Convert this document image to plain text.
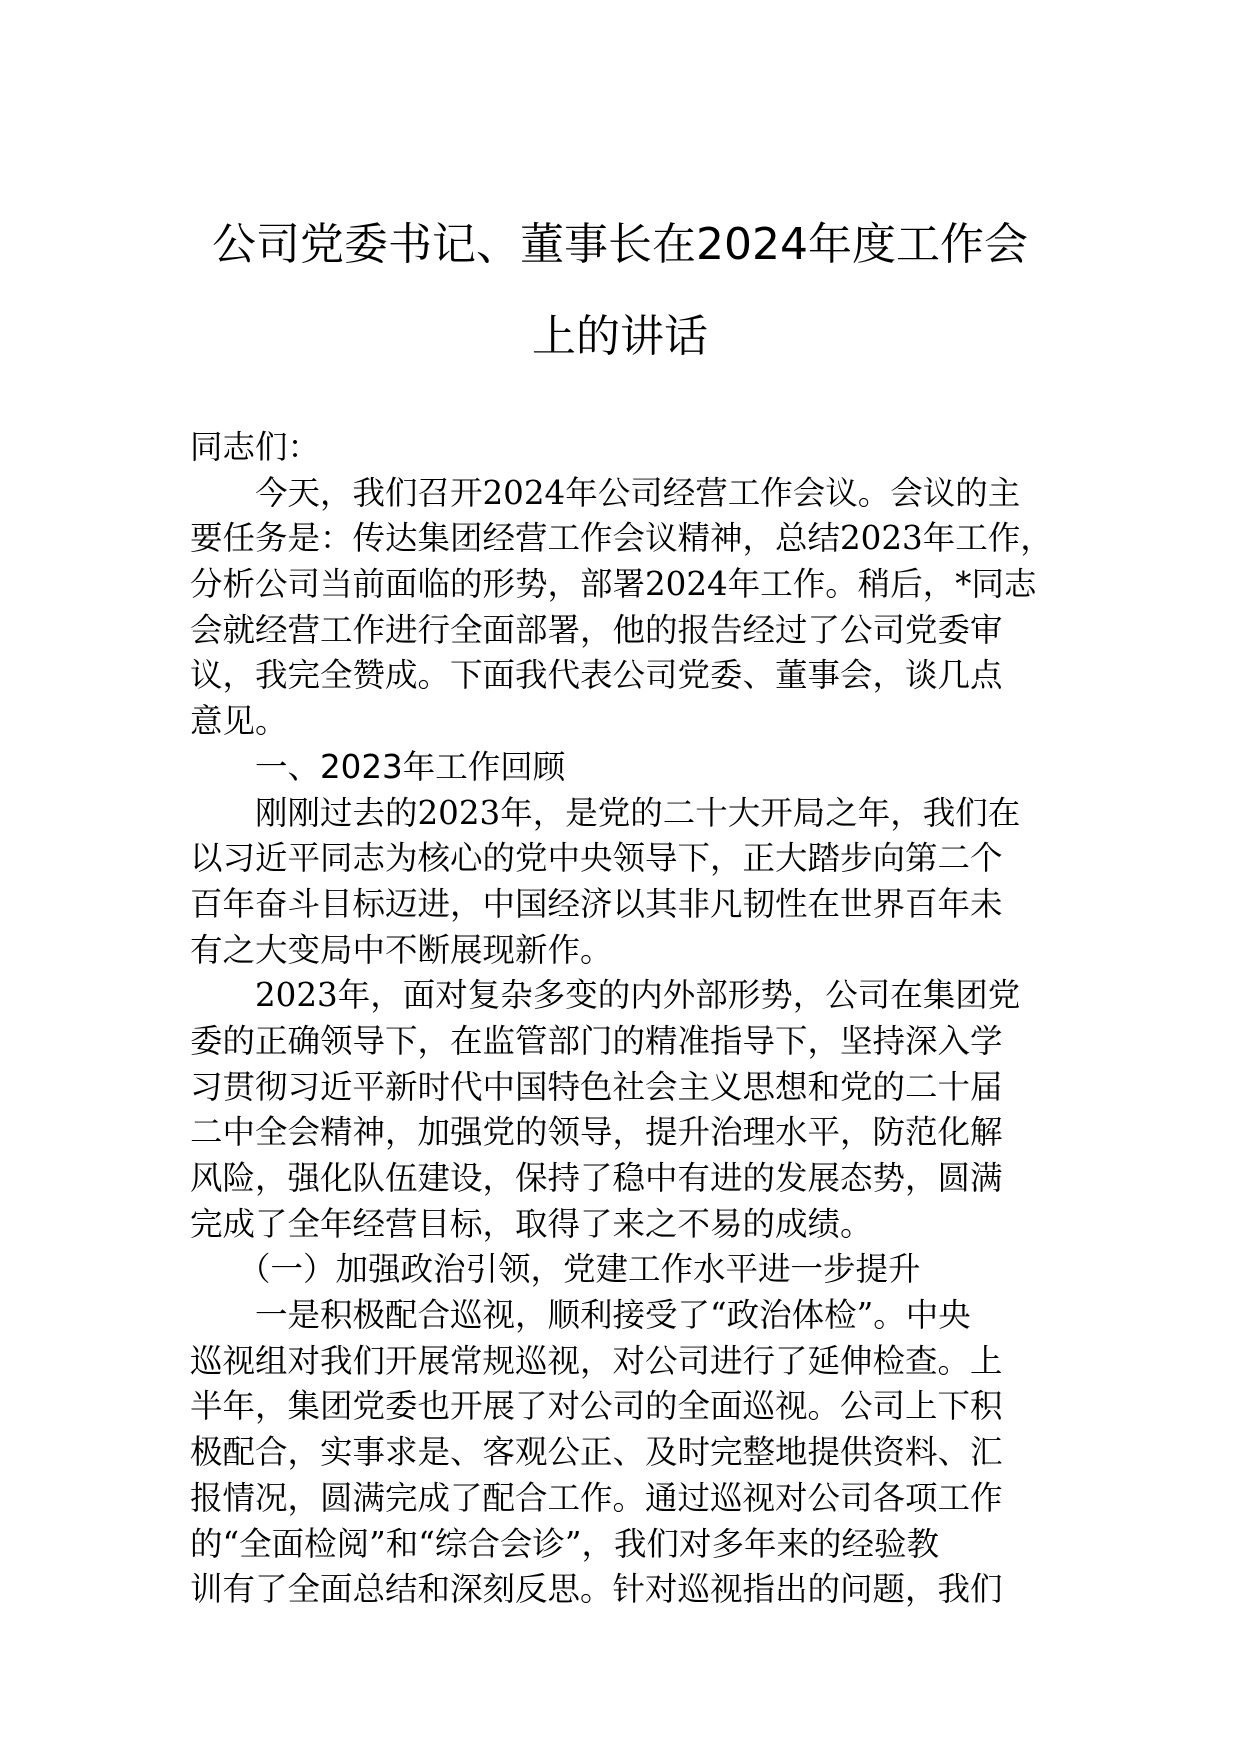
公司党委书记、董事长在2024年度工作会
上的讲话
同志们：
今天，我们召开2024年公司经营工作会议。会议的主
要任务是：传达集团经营工作会议精神，总结2023年工作，
分析公司当前面临的形势，部署2024年工作。稍后，*同志
会就经营工作进行全面部署，他的报告经过了公司党委审
议，我完全赞成。下面我代表公司党委、董事会，谈几点
意见。
一、2023年工作回顾
刚刚过去的2023年，是党的二十大开局之年，我们在
以习近平同志为核心的党中央领导下，正大踏步向第二个
百年奋斗目标迈进，中国经济以其非凡韧性在世界百年未
有之大变局中不断展现新作。
2023年，面对复杂多变的内外部形势，公司在集团党
委的正确领导下，在监管部门的精准指导下，坚持深入学
习贯彻习近平新时代中国特色社会主义思想和党的二十届
二中全会精神，加强党的领导，提升治理水平，防范化解
风险，强化队伍建设，保持了稳中有进的发展态势，圆满
完成了全年经营目标，取得了来之不易的成绩。
（一）加强政治引领，党建工作水平进一步提升
一是积极配合巡视，顺利接受了“政治体检”。中央
巡视组对我们开展常规巡视，对公司进行了延伸检查。上
半年，集团党委也开展了对公司的全面巡视。公司上下积
极配合，实事求是、客观公正、及时完整地提供资料、汇
报情况，圆满完成了配合工作。通过巡视对公司各项工作
的“全面检阅”和“综合会诊”，我们对多年来的经验教
训有了全面总结和深刻反思。针对巡视指出的问题，我们
